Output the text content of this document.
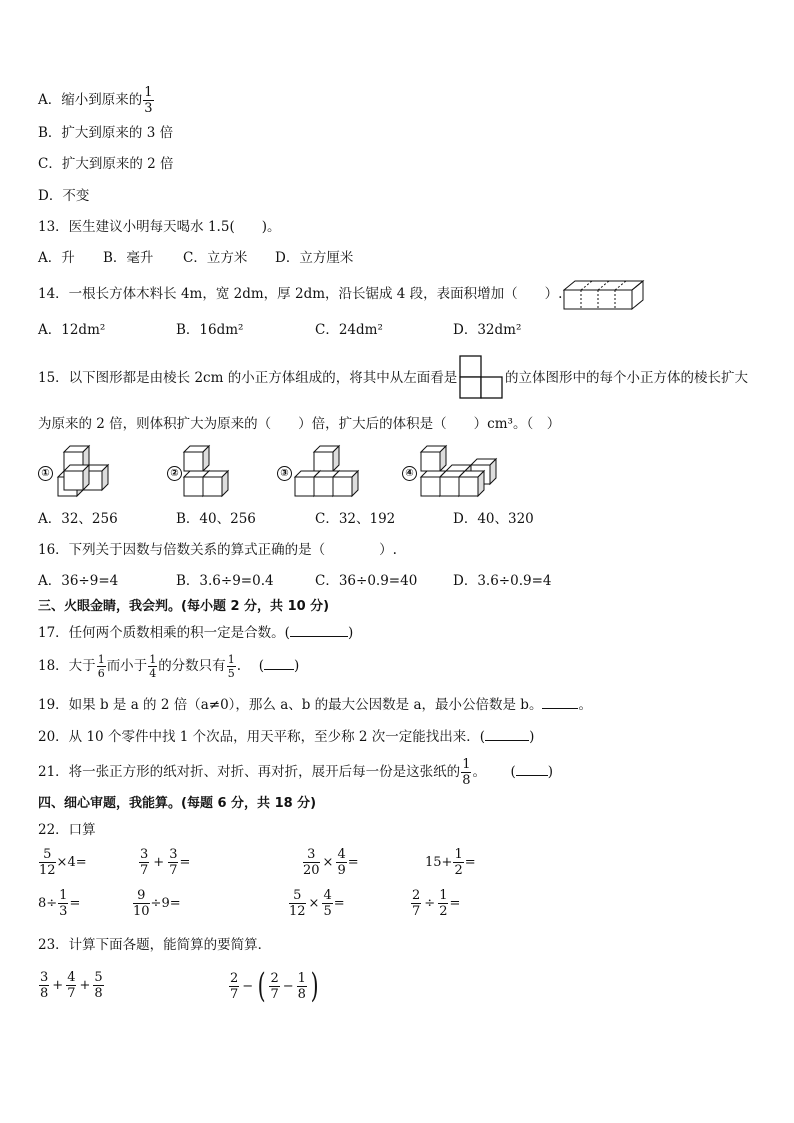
A．缩小到原来的 $\frac{1}{3}$
B．扩大到原来的 3 倍
C．扩大到原来的 2 倍
D．不变
13．医生建议小明每天喝水 1.5(　　)。
A．升 B．毫升 C．立方米 D．立方厘米
14．一根长方体木料长 4m，宽 2dm，厚 2dm，沿长锯成 4 段，表面积增加（　　）.
A．12dm²	B．16dm²	C．24dm²	D．32dm²
15．以下图形都是由棱长 2cm 的小正方体组成的，将其中从左面看是	的立体图形中的每个小正方体的棱长扩大
为原来的 2 倍，则体积扩大为原来的（　　）倍，扩大后的体积是（　　）cm³。（　）
①	②	③	④
A．32、256	B．40、256	C．32、192	D．40、320
16．下列关于因数与倍数关系的算式正确的是（　　　　）.
A．36÷9=4	B．3.6÷9=0.4	C．36÷0.9=40	D．3.6÷0.9=4
三、火眼金睛，我会判。(每小题 2 分，共 10 分)
17．任何两个质数相乘的积一定是合数。(	)
18．大于 $\frac{1}{6}$ 而小于 $\frac{1}{4}$ 的分数只有 $\frac{1}{5}$ .　 ( )
19．如果 b 是 a 的 2 倍（a≠0），那么 a、b 的最大公因数是 a，最小公倍数是 b。	。
20．从 10 个零件中找 1 个次品，用天平称，至少称 2 次一定能找出来．(	)
21．将一张正方形的纸对折、对折、再对折，展开后每一份是这张纸的 $\frac{1}{8}$ 。　　 ( )
四、细心审题，我能算。(每题 6 分，共 18 分)
22．口算
$\frac{5}{12} \times 4=$	$\frac{3}{7} + \frac{3}{7}$ =	$\frac{3}{20} \times \frac{4}{9}$ =	$15+ \frac{1}{2}$ =
$8\div \frac{1}{3}$ =	$\frac{9}{10} \div 9=$	$\frac{5}{12} \times \frac{4}{5}$ =	$\frac{2}{7} \div \frac{1}{2}$ =
23．计算下面各题，能简算的要简算．
$\frac{3}{8} + \frac{4}{7} + \frac{5}{8}$	$\frac{2}{7}$ − ( $\frac{2}{7} - \frac{1}{8}$ )
